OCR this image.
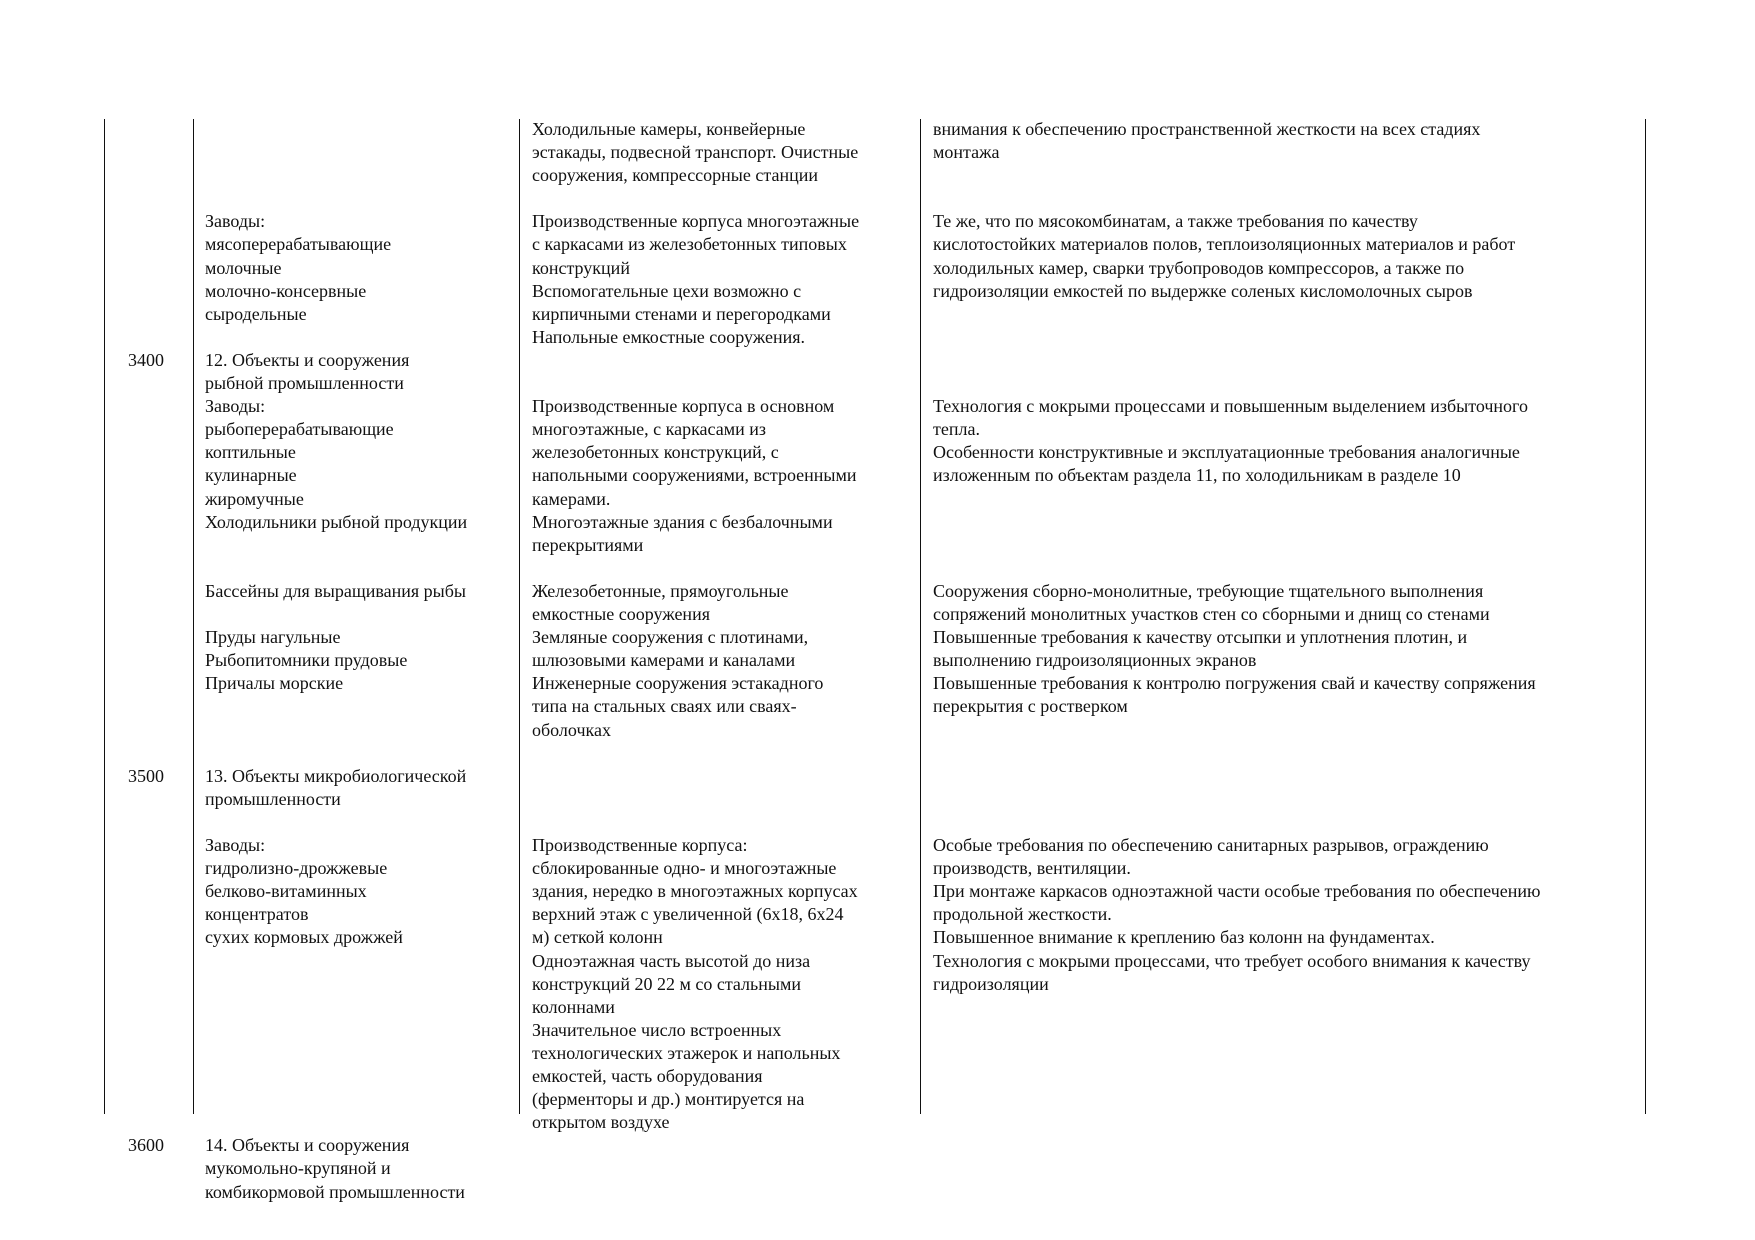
Холодильные камеры, конвейерные
эстакады, подвесной транспорт. Очистные
сооружения, компрессорные станции
внимания к обеспечению пространственной жесткости на всех стадиях
монтажа
Заводы:
мясоперерабатывающие
молочные
молочно-консервные
сыродельные
Производственные корпуса многоэтажные
с каркасами из железобетонных типовых
конструкций
Вспомогательные цехи возможно с
кирпичными стенами и перегородками
Напольные емкостные сооружения.
Те же, что по мясокомбинатам, а также требования по качеству
кислотостойких материалов полов, теплоизоляционных материалов и работ
холодильных камер, сварки трубопроводов компрессоров, а также по
гидроизоляции емкостей по выдержке соленых кисломолочных сыров
3400 12. Объекты и сооружения
рыбной промышленности
Заводы:
рыбоперерабатывающие
коптильные
кулинарные
жиромучные
Холодильники рыбной продукции
Производственные корпуса в основном
многоэтажные, с каркасами из
железобетонных конструкций, с
напольными сооружениями, встроенными
камерами.
Многоэтажные здания с безбалочными
перекрытиями
Технология с мокрыми процессами и повышенным выделением избыточного
тепла.
Особенности конструктивные и эксплуатационные требования аналогичные
изложенным по объектам раздела 11, по холодильникам в разделе 10
Бассейны для выращивания рыбы	Железобетонные, прямоугольные
емкостные сооружения
Сооружения сборно-монолитные, требующие тщательного выполнения
сопряжений монолитных участков стен со сборными и днищ со стенами
Пруды нагульные
Рыбопитомники прудовые
Земляные сооружения с плотинами,
шлюзовыми камерами и каналами
Повышенные требования к качеству отсыпки и уплотнения плотин, и
выполнению гидроизоляционных экранов
Причалы морские	Инженерные сооружения эстакадного
типа на стальных сваях или сваях-
оболочках
Повышенные требования к контролю погружения свай и качеству сопряжения
перекрытия с ростверком
3500 13. Объекты микробиологической
промышленности
Заводы:
гидролизно-дрожжевые
белково-витаминных
концентратов
сухих кормовых дрожжей
Производственные корпуса:
сблокированные одно- и многоэтажные
здания, нередко в многоэтажных корпусах
верхний этаж с увеличенной (6х18, 6х24
м) сеткой колонн
Одноэтажная часть высотой до низа
конструкций 20 22 м со стальными
колоннами
Значительное число встроенных
технологических этажерок и напольных
емкостей, часть оборудования
(ферменторы и др.) монтируется на
открытом воздухе
Особые требования по обеспечению санитарных разрывов, ограждению
производств, вентиляции.
При монтаже каркасов одноэтажной части особые требования по обеспечению
продольной жесткости.
Повышенное внимание к креплению баз колонн на фундаментах.
Технология с мокрыми процессами, что требует особого внимания к качеству
гидроизоляции
3600 14. Объекты и сооружения
мукомольно-крупяной и
комбикормовой промышленности
